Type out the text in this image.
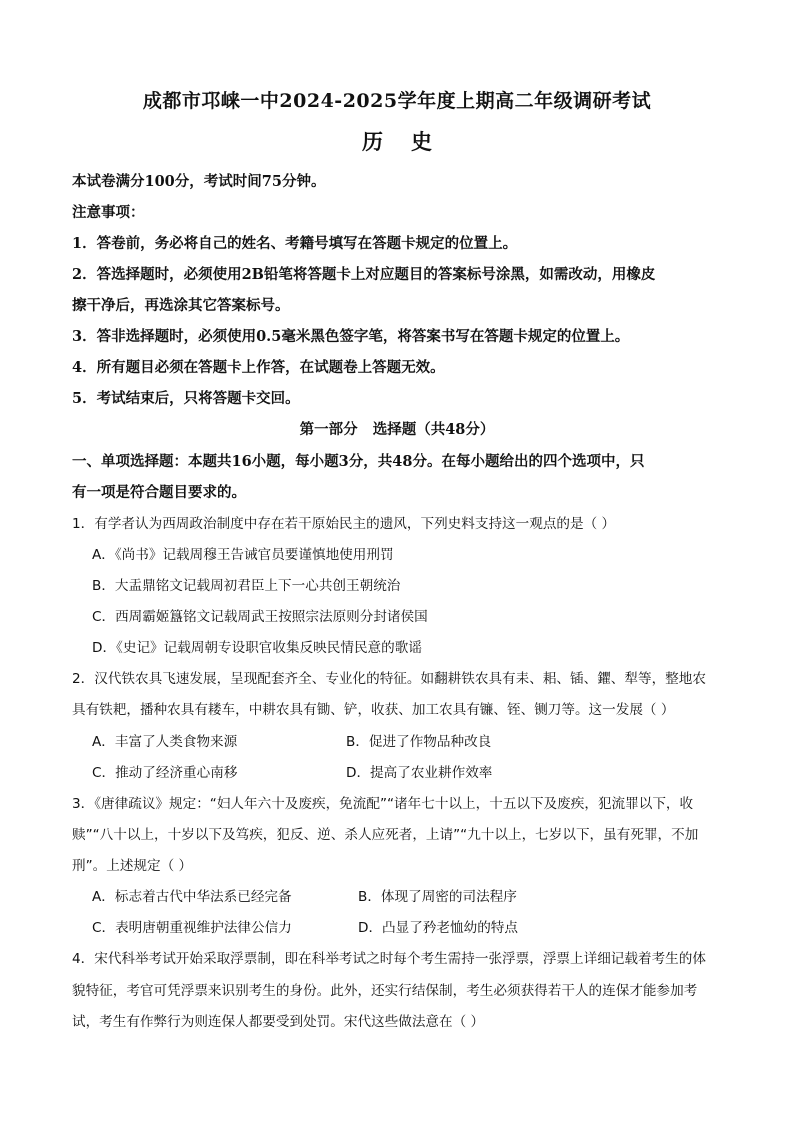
成都市邛崃一中2024-2025学年度上期高二年级调研考试
历史
本试卷满分100分，考试时间75分钟。
注意事项：
1．答卷前，务必将自己的姓名、考籍号填写在答题卡规定的位置上。
2．答选择题时，必须使用2B铅笔将答题卡上对应题目的答案标号涂黑，如需改动，用橡皮
擦干净后，再选涂其它答案标号。
3．答非选择题时，必须使用0.5毫米黑色签字笔，将答案书写在答题卡规定的位置上。
4．所有题目必须在答题卡上作答，在试题卷上答题无效。
5．考试结束后，只将答题卡交回。
第一部分   选择题（共48分）
一、单项选择题：本题共16小题，每小题3分，共48分。在每小题给出的四个选项中，只
有一项是符合题目要求的。
1．有学者认为西周政治制度中存在若干原始民主的遗风，下列史料支持这一观点的是（ ）
A．《尚书》记载周穆王告诫官员要谨慎地使用刑罚
B．大盂鼎铭文记载周初君臣上下一心共创王朝统治
C．西周霸姬簋铭文记载周武王按照宗法原则分封诸侯国
D．《史记》记载周朝专设职官收集反映民情民意的歌谣
2．汉代铁农具飞速发展，呈现配套齐全、专业化的特征。如翻耕铁农具有耒、耜、锸、鑺、犁等，整地农
具有铁耙，播种农具有耧车，中耕农具有锄、铲，收获、加工农具有镰、铚、铡刀等。这一发展（ ）
A．丰富了人类食物来源	B．促进了作物品种改良
C．推动了经济重心南移	D．提高了农业耕作效率
3．《唐律疏议》规定：“妇人年六十及废疾，免流配”“诸年七十以上，十五以下及废疾，犯流罪以下，收
赎”“八十以上，十岁以下及笃疾，犯反、逆、杀人应死者，上请”“九十以上，七岁以下，虽有死罪，不加
刑”。上述规定（ ）
A．标志着古代中华法系已经完备	B．体现了周密的司法程序
C．表明唐朝重视维护法律公信力	D．凸显了矜老恤幼的特点
4．宋代科举考试开始采取浮票制，即在科举考试之时每个考生需持一张浮票，浮票上详细记载着考生的体
貌特征，考官可凭浮票来识别考生的身份。此外，还实行结保制，考生必须获得若干人的连保才能参加考
试，考生有作弊行为则连保人都要受到处罚。宋代这些做法意在（ ）
